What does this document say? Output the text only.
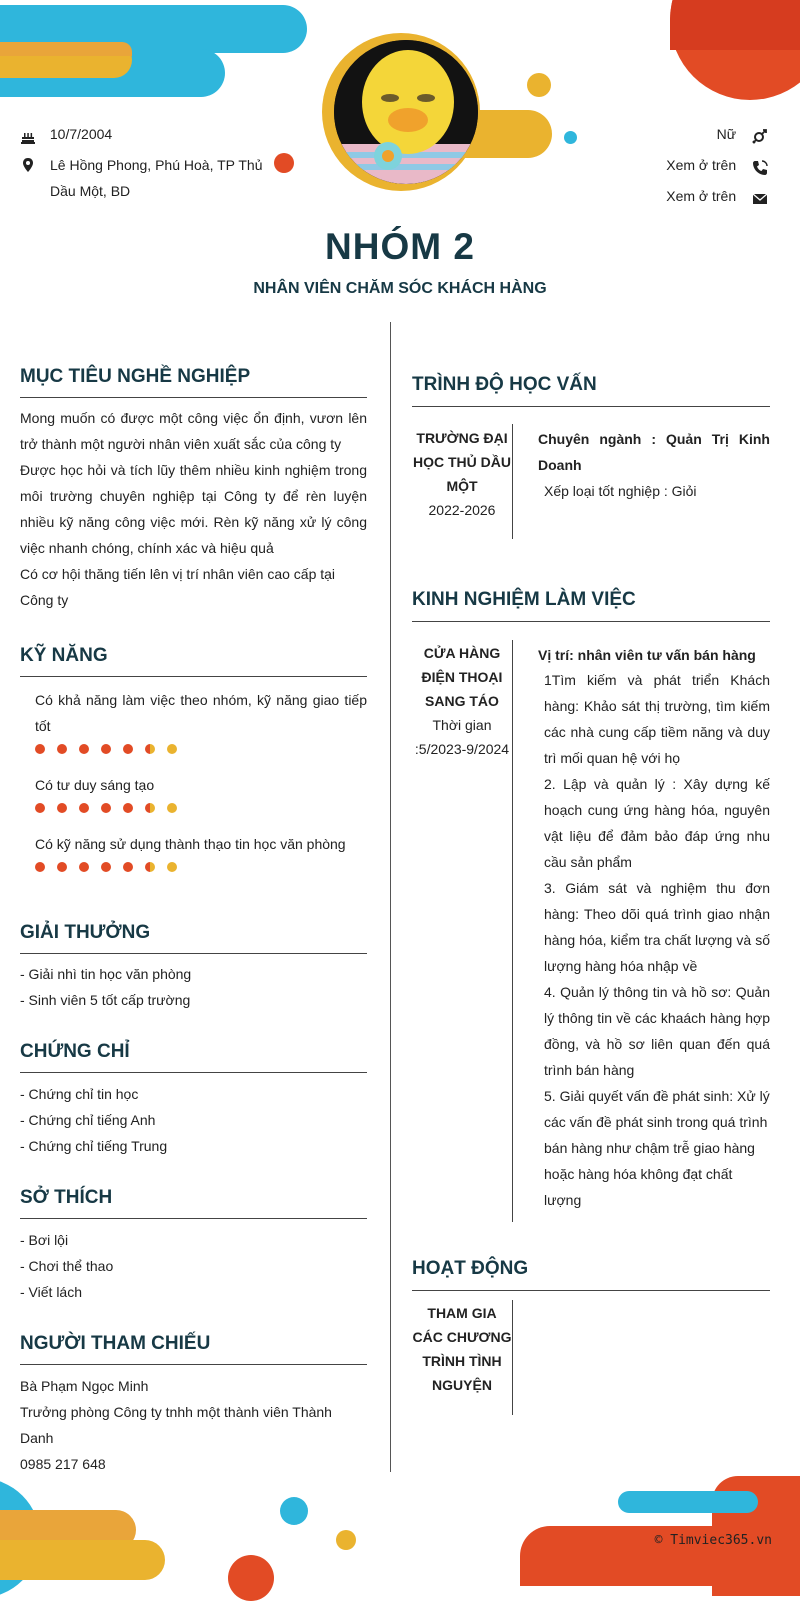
10/7/2004
Lê Hồng Phong, Phú Hoà, TP Thủ Dầu Một, BD
Nữ
Xem ở trên
Xem ở trên
NHÓM 2
NHÂN VIÊN CHĂM SÓC KHÁCH HÀNG
MỤC TIÊU NGHỀ NGHIỆP
Mong muốn có được một công việc ổn định, vươn lên trở thành một người nhân viên xuất sắc của công ty
Được học hỏi và tích lũy thêm nhiều kinh nghiệm trong môi trường chuyên nghiệp tại Công ty để rèn luyện nhiều kỹ năng công việc mới. Rèn kỹ năng xử lý công việc nhanh chóng, chính xác và hiệu quả
Có cơ hội thăng tiến lên vị trí nhân viên cao cấp tại Công ty
KỸ NĂNG
Có khả năng làm việc theo nhóm, kỹ năng giao tiếp tốt
Có tư duy sáng tạo
Có kỹ năng sử dụng thành thạo tin học văn phòng
GIẢI THƯỞNG
- Giải nhì tin học văn phòng
- Sinh viên 5 tốt cấp trường
CHỨNG CHỈ
- Chứng chỉ tin học
- Chứng chỉ tiếng Anh
- Chứng chỉ tiếng Trung
SỞ THÍCH
- Bơi lội
- Chơi thể thao
- Viết lách
NGƯỜI THAM CHIẾU
Bà Phạm Ngọc Minh
Trưởng phòng Công ty tnhh một thành viên Thành Danh
0985 217 648
TRÌNH ĐỘ HỌC VẤN
TRƯỜNG ĐẠI HỌC THỦ DẦU MỘT
2022-2026
Chuyên ngành : Quản Trị Kinh Doanh
Xếp loại tốt nghiệp : Giỏi
KINH NGHIỆM LÀM VIỆC
CỬA HÀNG ĐIỆN THOẠI SANG TÁO
Thời gian :5/2023-9/2024
Vị trí: nhân viên tư vấn bán hàng
1Tìm kiếm và phát triển Khách hàng: Khảo sát thị trường, tìm kiếm các nhà cung cấp tiềm năng và duy trì mối quan hệ với họ
2. Lập và quản lý : Xây dựng kế hoạch cung ứng hàng hóa, nguyên vật liệu để đảm bảo đáp ứng nhu cầu sản phẩm
3. Giám sát và nghiệm thu đơn hàng: Theo dõi quá trình giao nhận hàng hóa, kiểm tra chất lượng và số lượng hàng hóa nhập về
4. Quản lý thông tin và hồ sơ: Quản lý thông tin về các khaách hàng hợp đồng, và hồ sơ liên quan đến quá trình bán hàng
5. Giải quyết vấn đề phát sinh: Xử lý các vấn đề phát sinh trong quá trình bán hàng như chậm trễ giao hàng hoặc hàng hóa không đạt chất lượng
HOẠT ĐỘNG
THAM GIA CÁC CHƯƠNG TRÌNH TÌNH NGUYỆN
© Timviec365.vn
